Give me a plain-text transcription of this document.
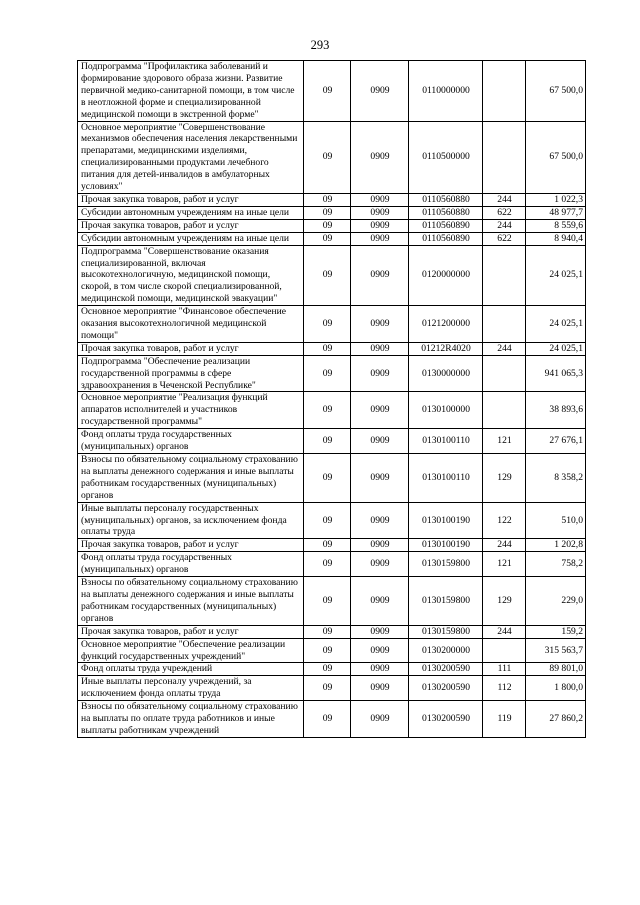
293
Подпрограмма "Профилактика заболеваний и формирование здорового образа жизни. Развитие первичной медико-санитарной помощи, в том числе в неотложной форме и специализированной медицинской помощи в экстренной форме"	09	0909	0110000000		67 500,0
Основное мероприятие "Совершенствование механизмов обеспечения населения лекарственными препаратами, медицинскими изделиями, специализированными продуктами лечебного питания для детей-инвалидов в амбулаторных условиях"	09	0909	0110500000		67 500,0
Прочая закупка товаров, работ и услуг	09	0909	0110560880	244	1 022,3
Субсидии автономным учреждениям на иные цели	09	0909	0110560880	622	48 977,7
Прочая закупка товаров, работ и услуг	09	0909	0110560890	244	8 559,6
Субсидии автономным учреждениям на иные цели	09	0909	0110560890	622	8 940,4
Подпрограмма "Совершенствование оказания специализированной, включая высокотехнологичную, медицинской помощи, скорой, в том числе скорой специализированной, медицинской помощи, медицинской эвакуации"	09	0909	0120000000		24 025,1
Основное мероприятие "Финансовое обеспечение оказания высокотехнологичной медицинской помощи"	09	0909	0121200000		24 025,1
Прочая закупка товаров, работ и услуг	09	0909	01212R4020	244	24 025,1
Подпрограмма "Обеспечение реализации государственной программы в сфере здравоохранения в Чеченской Республике"	09	0909	0130000000		941 065,3
Основное мероприятие "Реализация функций аппаратов исполнителей и участников государственной программы"	09	0909	0130100000		38 893,6
Фонд оплаты труда государственных (муниципальных) органов	09	0909	0130100110	121	27 676,1
Взносы по обязательному социальному страхованию на выплаты денежного содержания и иные выплаты работникам государственных (муниципальных) органов	09	0909	0130100110	129	8 358,2
Иные выплаты персоналу государственных (муниципальных) органов, за исключением фонда оплаты труда	09	0909	0130100190	122	510,0
Прочая закупка товаров, работ и услуг	09	0909	0130100190	244	1 202,8
Фонд оплаты труда государственных (муниципальных) органов	09	0909	0130159800	121	758,2
Взносы по обязательному социальному страхованию на выплаты денежного содержания и иные выплаты работникам государственных (муниципальных) органов	09	0909	0130159800	129	229,0
Прочая закупка товаров, работ и услуг	09	0909	0130159800	244	159,2
Основное мероприятие "Обеспечение реализации функций государственных учреждений"	09	0909	0130200000		315 563,7
Фонд оплаты труда учреждений	09	0909	0130200590	111	89 801,0
Иные выплаты персоналу учреждений, за исключением фонда оплаты труда	09	0909	0130200590	112	1 800,0
Взносы по обязательному социальному страхованию на выплаты по оплате труда работников и иные выплаты работникам учреждений	09	0909	0130200590	119	27 860,2
